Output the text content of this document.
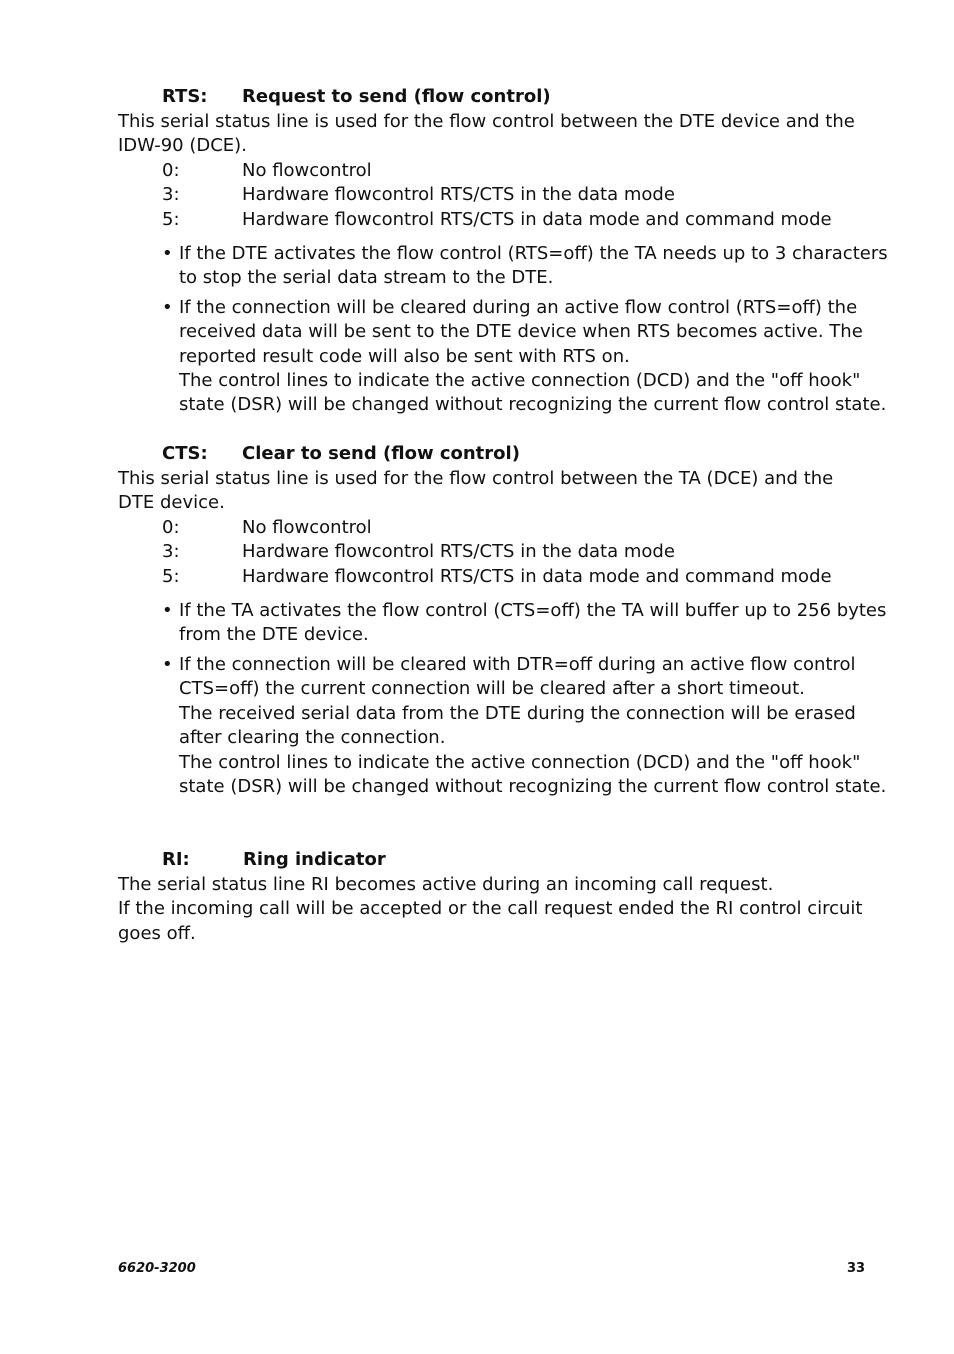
RTS: Request to send (flow control)
This serial status line is used for the flow control between the DTE device and the
IDW-90 (DCE).
0:	No flowcontrol
3:	Hardware flowcontrol RTS/CTS in the data mode
5:	Hardware flowcontrol RTS/CTS in data mode and command mode
• If the DTE activates the flow control (RTS=off) the TA needs up to 3 characters
to stop the serial data stream to the DTE.
• If the connection will be cleared during an active flow control (RTS=off) the
received data will be sent to the DTE device when RTS becomes active. The
reported result code will also be sent with RTS on.
The control lines to indicate the active connection (DCD) and the "off hook"
state (DSR) will be changed without recognizing the current flow control state.
CTS: Clear to send (flow control)
This serial status line is used for the flow control between the TA (DCE) and the
DTE device.
0:	No flowcontrol
3:	Hardware flowcontrol RTS/CTS in the data mode
5:	Hardware flowcontrol RTS/CTS in data mode and command mode
• If the TA activates the flow control (CTS=off) the TA will buffer up to 256 bytes
from the DTE device.
• If the connection will be cleared with DTR=off during an active flow control
CTS=off) the current connection will be cleared after a short timeout.
The received serial data from the DTE during the connection will be erased
after clearing the connection.
The control lines to indicate the active connection (DCD) and the "off hook"
state (DSR) will be changed without recognizing the current flow control state.
RI:	Ring indicator
The serial status line RI becomes active during an incoming call request.
If the incoming call will be accepted or the call request ended the RI control circuit
goes off.
6620-3200	33
